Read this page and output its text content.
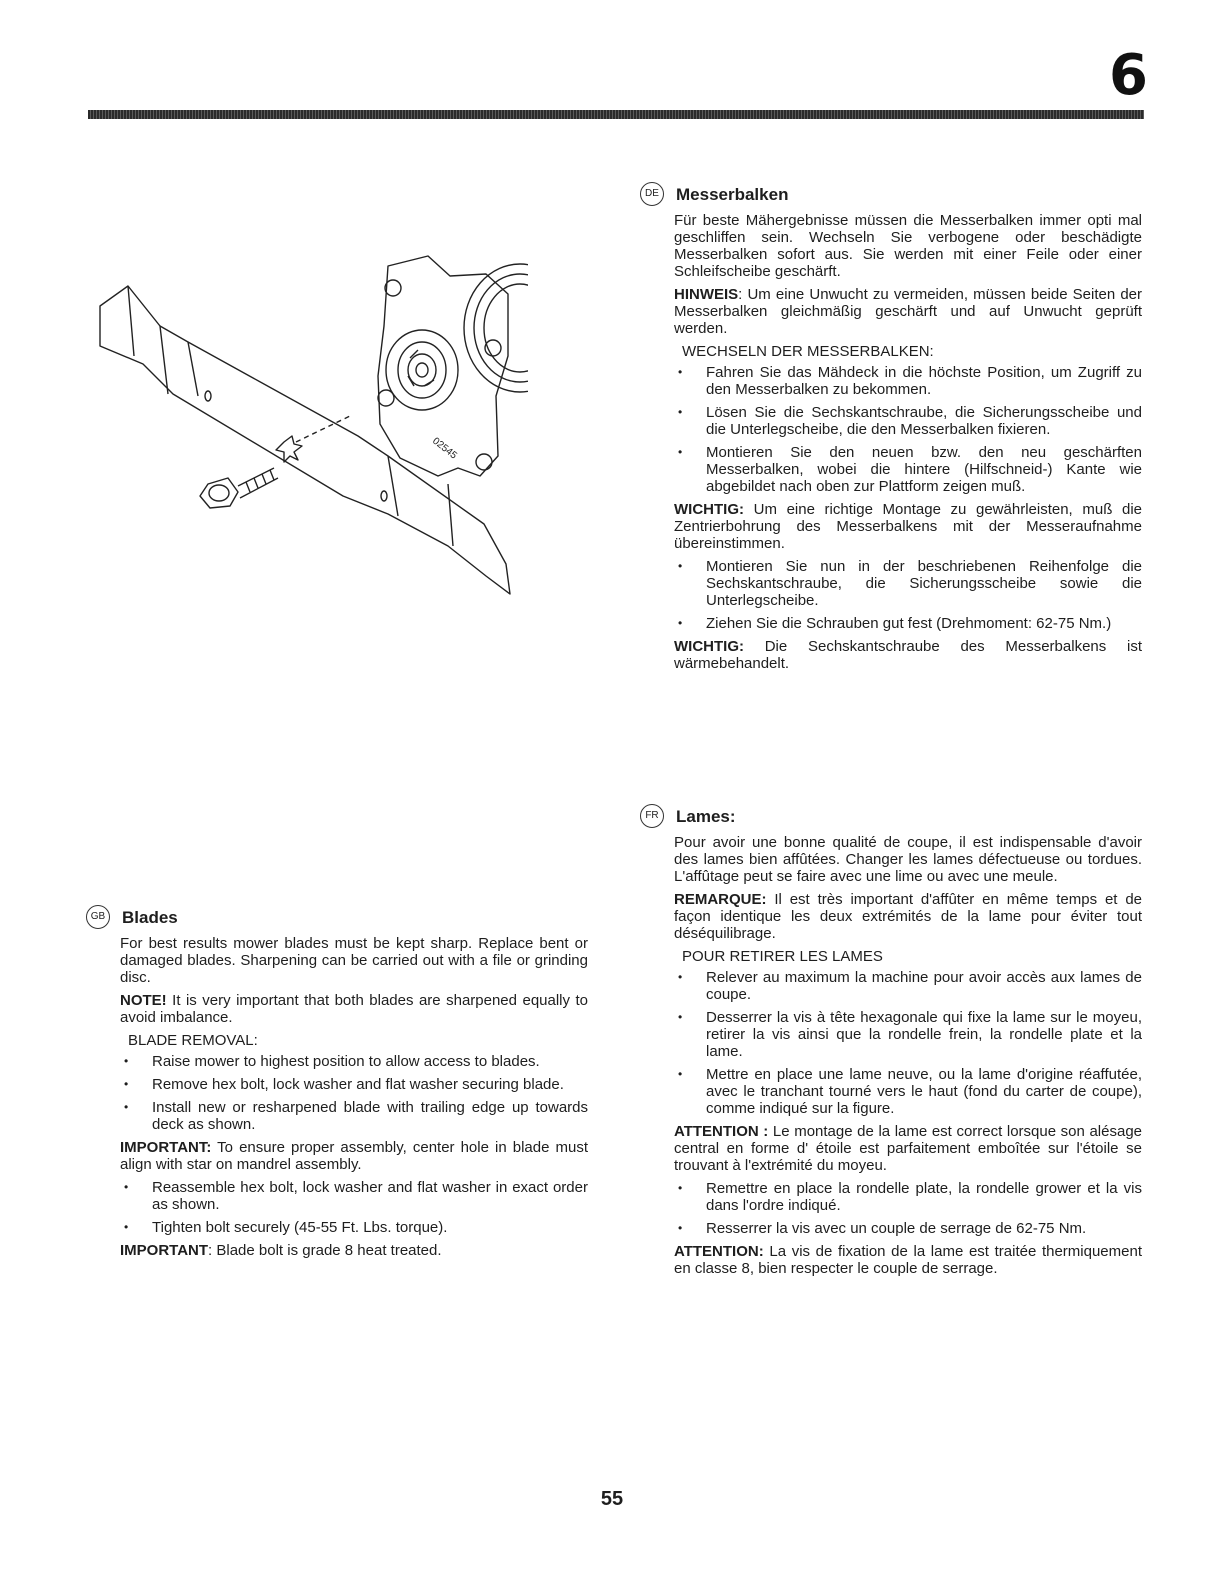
6
02545
DE Messerbalken

Für beste Mähergebnisse müssen die Messerbalken immer opti mal geschliffen sein. Wechseln Sie verbogene oder beschädigte Messerbalken sofort aus. Sie werden mit einer Feile oder einer Schleifscheibe geschärft.

HINWEIS: Um eine Unwucht zu vermeiden, müssen beide Seiten der Messerbalken gleichmäßig geschärft und auf Unwucht geprüft werden.

WECHSELN DER MESSERBALKEN:

• Fahren Sie das Mähdeck in die höchste Position, um Zugriff zu den Messerbalken zu bekommen.
• Lösen Sie die Sechskantschraube, die Sicherungsscheibe und die Unterlegscheibe, die den Messerbalken fixieren.
• Montieren Sie den neuen bzw. den neu geschärften Messerbalken, wobei die hintere (Hilfschneid-) Kante wie abgebildet nach oben zur Plattform zeigen muß.

WICHTIG: Um eine richtige Montage zu gewährleisten, muß die Zentrierbohrung des Messerbalkens mit der Messeraufnahme übereinstimmen.

• Montieren Sie nun in der beschriebenen Reihenfolge die Sechskantschraube, die Sicherungsscheibe sowie die Unterlegscheibe.
• Ziehen Sie die Schrauben gut fest (Drehmoment: 62-75 Nm.)

WICHTIG: Die Sechskantschraube des Messerbalkens ist wärmebehandelt.

FR	Lames:

Pour avoir une bonne qualité de coupe, il est indispensable d'avoir des lames bien affûtées. Changer les lames défectueuse ou tordues. L'affûtage peut se faire avec une lime ou avec une meule.

REMARQUE: Il est très important d'affûter en même temps et de façon identique les deux extrémités de la lame pour éviter tout déséquilibrage.

POUR RETIRER LES LAMES

• Relever au maximum la machine pour avoir accès aux lames de coupe.
• Desserrer la vis à tête hexagonale qui fixe la lame sur le moyeu, retirer la vis ainsi que la rondelle frein, la rondelle plate et la lame.
• Mettre en place une lame neuve, ou la lame d'origine réaffutée, avec le tranchant tourné vers le haut (fond du carter de coupe), comme indiqué sur la figure.

ATTENTION : Le montage de la lame est correct lorsque son alésage central en forme d' étoile est parfaitement emboîtée sur l'étoile se trouvant à l'extrémité du moyeu.

• Remettre en place la rondelle plate, la rondelle grower et la vis dans l'ordre indiqué.
• Resserrer la vis avec un couple de serrage de 62-75 Nm.

ATTENTION: La vis de fixation de la lame est traitée thermiquement en classe 8, bien respecter le couple de serrage.

GB Blades

For best results mower blades must be kept sharp. Replace bent or damaged blades. Sharpening can be carried out with a file or grinding disc.

NOTE! It is very important that both blades are sharpened equally to avoid imbalance.

BLADE REMOVAL:

• Raise mower to highest position to allow access to blades.
• Remove hex bolt, lock washer and flat washer securing blade.
• Install new or resharpened blade with trailing edge up towards deck as shown.

IMPORTANT: To ensure proper assembly, center hole in blade must align with star on mandrel assembly.

• Reassemble hex bolt, lock washer and flat washer in exact order as shown.
• Tighten bolt securely (45-55 Ft. Lbs. torque).

IMPORTANT: Blade bolt is grade 8 heat treated.

55
